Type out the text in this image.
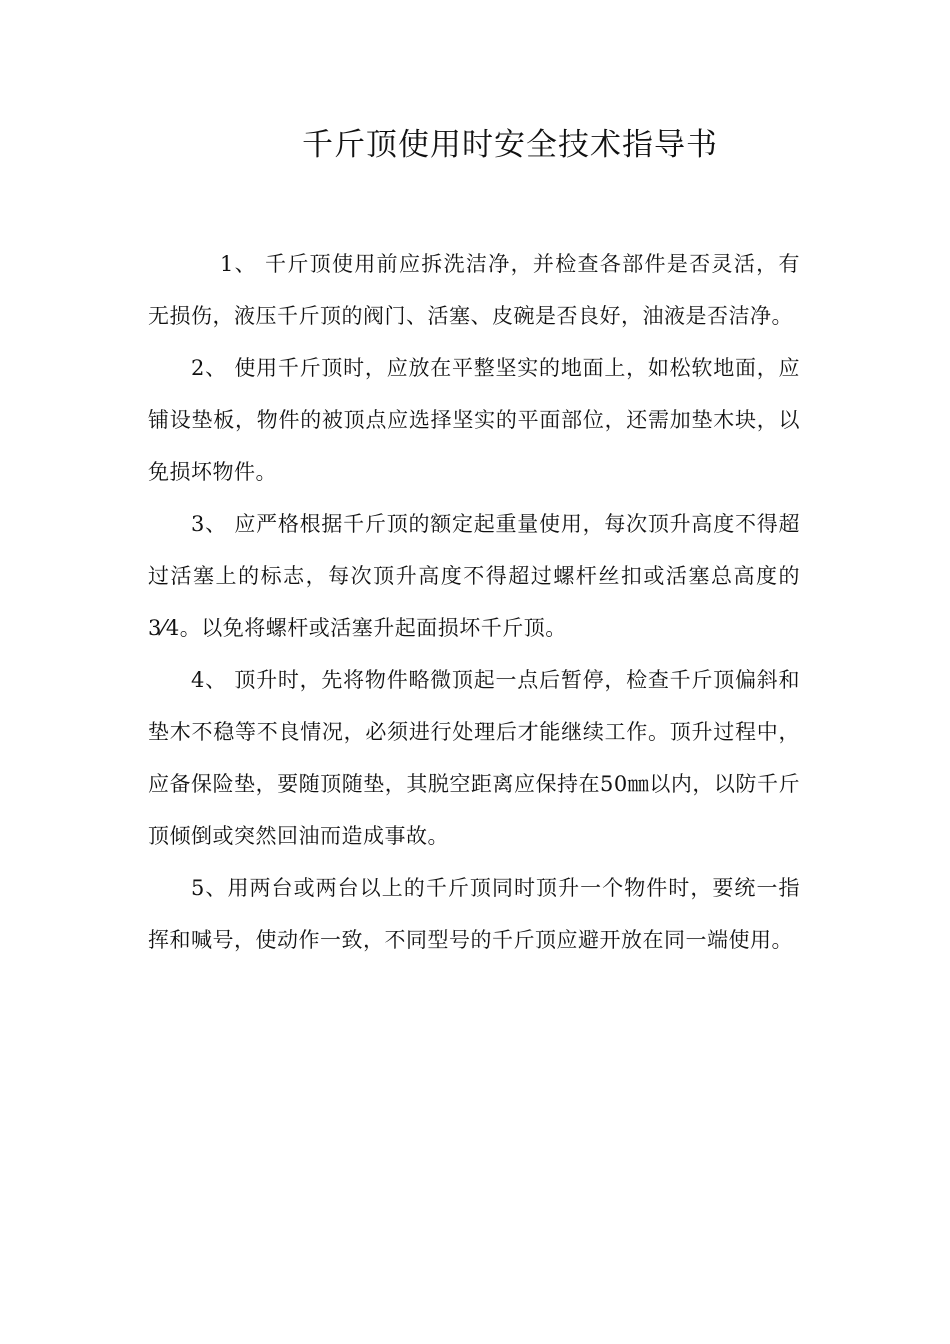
千斤顶使用时安全技术指导书

1、 千斤顶使用前应拆洗洁净，并检查各部件是否灵活，有无损伤，液压千斤顶的阀门、活塞、皮碗是否良好，油液是否洁净。

2、 使用千斤顶时，应放在平整坚实的地面上，如松软地面，应铺设垫板，物件的被顶点应选择坚实的平面部位，还需加垫木块，以免损坏物件。

3、 应严格根据千斤顶的额定起重量使用，每次顶升高度不得超过活塞上的标志，每次顶升高度不得超过螺杆丝扣或活塞总高度的3⁄4。以免将螺杆或活塞升起面损坏千斤顶。

4、 顶升时，先将物件略微顶起一点后暂停，检查千斤顶偏斜和垫木不稳等不良情况，必须进行处理后才能继续工作。顶升过程中，应备保险垫，要随顶随垫，其脱空距离应保持在50㎜以内，以防千斤顶倾倒或突然回油而造成事故。

5、用两台或两台以上的千斤顶同时顶升一个物件时，要统一指挥和喊号，使动作一致，不同型号的千斤顶应避开放在同一端使用。
